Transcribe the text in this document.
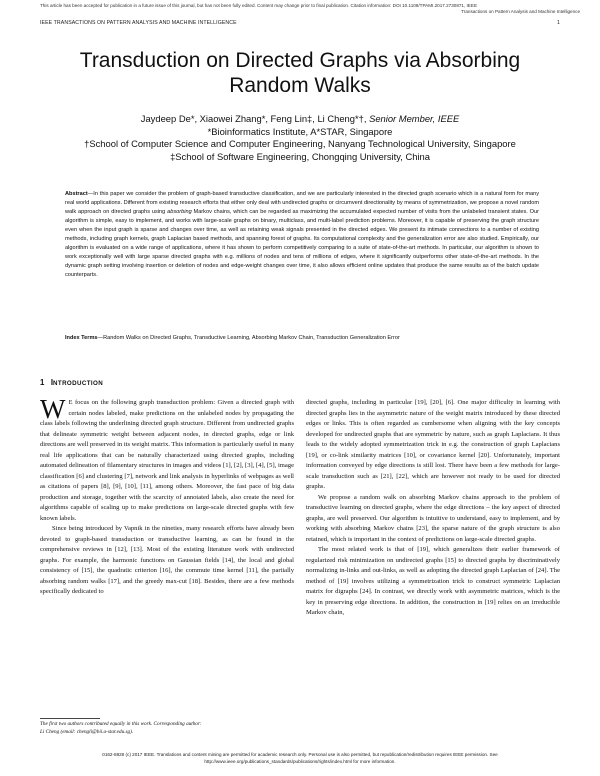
This article has been accepted for publication in a future issue of this journal, but has not been fully edited. Content may change prior to final publication. Citation information: DOI 10.1109/TPAMI.2017.2730871, IEEE
Transactions on Pattern Analysis and Machine Intelligence
IEEE TRANSACTIONS ON PATTERN ANALYSIS AND MACHINE INTELLIGENCE	1
Transduction on Directed Graphs via Absorbing
Random Walks
Jaydeep De*, Xiaowei Zhang*, Feng Lin‡, Li Cheng*†, Senior Member, IEEE
*Bioinformatics Institute, A*STAR, Singapore
†School of Computer Science and Computer Engineering, Nanyang Technological University, Singapore
‡School of Software Engineering, Chongqing University, China
Abstract—In this paper we consider the problem of graph-based transductive classification, and we are particularly interested in the directed graph scenario which is a natural form for many real world applications. Different from existing research efforts that either only deal with undirected graphs or circumvent directionality by means of symmetrization, we propose a novel random walk approach on directed graphs using absorbing Markov chains, which can be regarded as maximizing the accumulated expected number of visits from the unlabeled transient states. Our algorithm is simple, easy to implement, and works with large-scale graphs on binary, multiclass, and multi-label prediction problems. Moreover, it is capable of preserving the graph structure even when the input graph is sparse and changes over time, as well as retaining weak signals presented in the directed edges. We present its intimate connections to a number of existing methods, including graph kernels, graph Laplacian based methods, and spanning forest of graphs. Its computational complexity and the generalization error are also studied. Empirically, our algorithm is evaluated on a wide range of applications, where it has shown to perform competitively comparing to a suite of state-of-the-art methods. In particular, our algorithm is shown to work exceptionally well with large sparse directed graphs with e.g. millions of nodes and tens of millions of edges, where it significantly outperforms other state-of-the-art methods. In the dynamic graph setting involving insertion or deletion of nodes and edge-weight changes over time, it also allows efficient online updates that produce the same results as of the batch update counterparts.
Index Terms—Random Walks on Directed Graphs, Transductive Learning, Absorbing Markov Chain, Transduction Generalization Error
1 INTRODUCTION

W E focus on the following graph transduction problem: Given a directed graph with certain nodes labeled, make predictions on the unlabeled nodes by propagating the class labels following the underlining directed graph structure. Different from undirected graphs that delineate symmetric weight between adjacent nodes, in directed graphs, edge or link directions are well preserved in its weight matrix. This information is particularly useful in many real life applications that can be naturally characterized using directed graphs, including automated delineation of filamentary structures in images and videos [1], [2], [3], [4], [5], image classification [6] and clustering [7], network and link analysis in hyperlinks of webpages as well as citations of papers [8], [9], [10], [11], among others. Moreover, the fast pace of big data production and storage, together with the scarcity of annotated labels, also create the need for algorithms capable of scaling up to make predictions on large-scale directed graphs with few known labels.

Since being introduced by Vapnik in the nineties, many research efforts have already been devoted to graph-based transduction or transductive learning, as can be found in the comprehensive reviews in [12], [13]. Most of the existing literature work with undirected graphs. For example, the harmonic functions on Gaussian fields [14], the local and global consistency of [15], the quadratic criterion [16], the commute time kernel [11], the partially absorbing random walks [17], and the greedy max-cut [18]. Besides, there are a few methods specifically dedicated to

directed graphs, including in particular [19], [20], [6]. One major difficulty in learning with directed graphs lies in the asymmetric nature of the weight matrix introduced by these directed edges or links. This is often regarded as cumbersome when aligning with the key concepts developed for undirected graphs that are symmetric by nature, such as graph Laplacians. It thus leads to the widely adopted symmetrization trick in e.g. the construction of graph Laplacians [19], or co-link similarity matrices [10], or covariance kernel [20]. Unfortunately, important information conveyed by edge directions is still lost. There have been a few methods for large-scale transduction such as [21], [22], which are however not ready to be used for directed graphs.

We propose a random walk on absorbing Markov chains approach to the problem of transductive learning on directed graphs, where the edge directions – the key aspect of directed graphs, are well preserved. Our algorithm is intuitive to understand, easy to implement, and by working with absorbing Markov chains [23], the sparse nature of the graph structure is also retained, which is important in the context of predictions on large-scale directed graphs.

The most related work is that of [19], which generalizes their earlier framework of regularized risk minimization on undirected graphs [15] to directed graphs by discriminatively normalizing in-links and out-links, as well as adopting the directed graph Laplacian of [24]. The method of [19] involves utilizing a symmetrization trick to construct symmetric Laplacian matrix for digraphs [24]. In contrast, we directly work with asymmetric matrices, which is the key in preserving edge directions. In addition, the construction in [19] relies on an irreducible Markov chain,

The first two authors contributed equally in this work. Corresponding author:
Li Cheng (email: chengli@bii.a-star.edu.sg).
0162-8828 (c) 2017 IEEE. Translations and content mining are permitted for academic research only. Personal use is also permitted, but republication/redistribution requires IEEE permission. See
http://www.ieee.org/publications_standards/publications/rights/index.html for more information.
